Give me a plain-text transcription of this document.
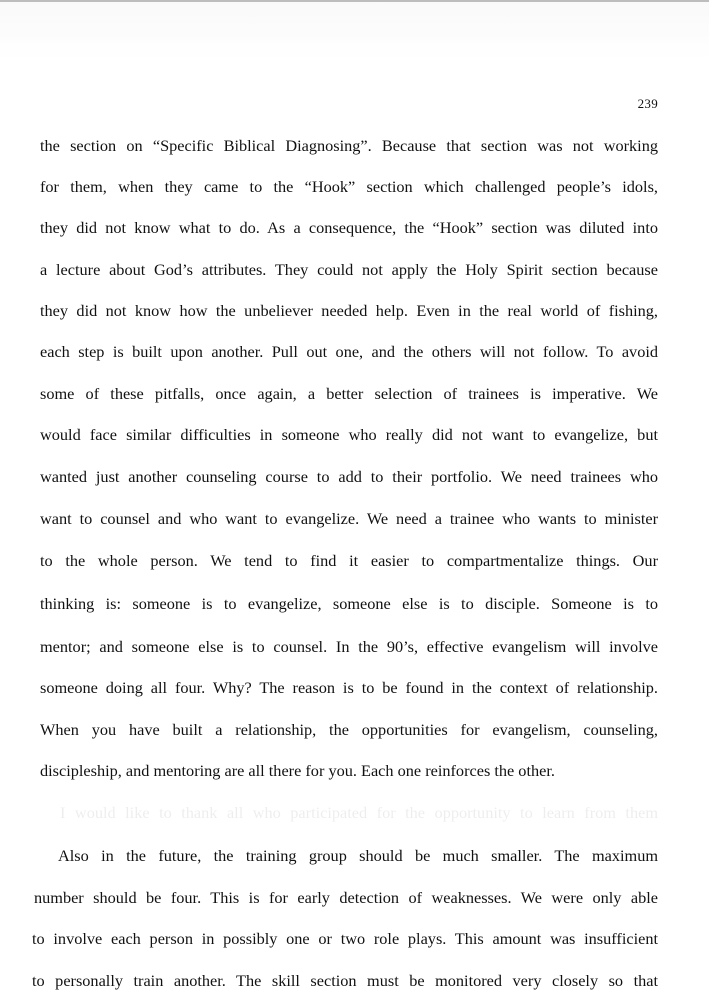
239
the section on “Specific Biblical Diagnosing”. Because that section was not working
for them, when they came to the “Hook” section which challenged people’s idols,
they did not know what to do. As a consequence, the “Hook” section was diluted into
a lecture about God’s attributes. They could not apply the Holy Spirit section because
they did not know how the unbeliever needed help. Even in the real world of fishing,
each step is built upon another. Pull out one, and the others will not follow. To avoid
some of these pitfalls, once again, a better selection of trainees is imperative. We
would face similar difficulties in someone who really did not want to evangelize, but
wanted just another counseling course to add to their portfolio. We need trainees who
want to counsel and who want to evangelize. We need a trainee who wants to minister
to the whole person. We tend to find it easier to compartmentalize things. Our
thinking is: someone is to evangelize, someone else is to disciple. Someone is to
mentor; and someone else is to counsel. In the 90’s, effective evangelism will involve
someone doing all four. Why? The reason is to be found in the context of relationship.
When you have built a relationship, the opportunities for evangelism, counseling,
discipleship, and mentoring are all there for you. Each one reinforces the other.
I would like to thank all who participated for the opportunity to learn from them
Also in the future, the training group should be much smaller. The maximum
number should be four. This is for early detection of weaknesses. We were only able
to involve each person in possibly one or two role plays. This amount was insufficient
to personally train another. The skill section must be monitored very closely so that
